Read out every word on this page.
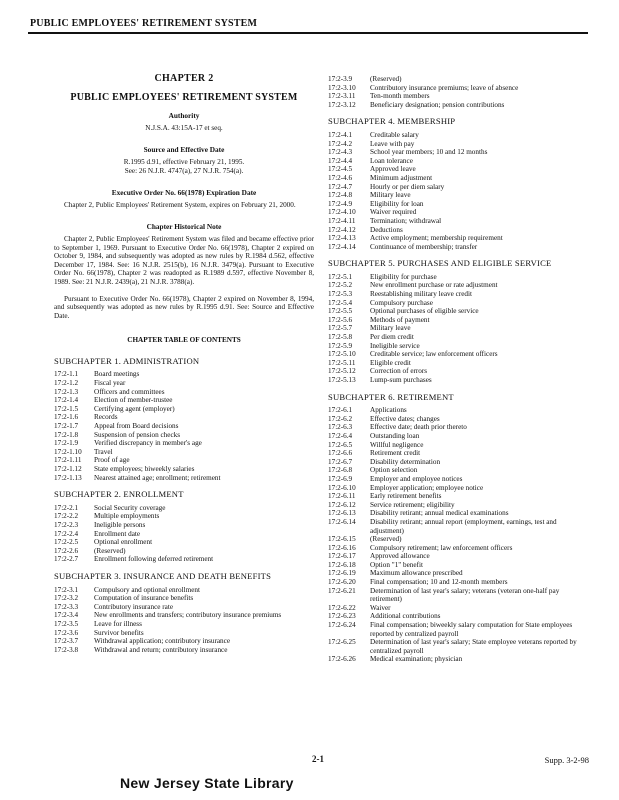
PUBLIC EMPLOYEES' RETIREMENT SYSTEM
CHAPTER 2
PUBLIC EMPLOYEES' RETIREMENT SYSTEM
Authority
N.J.S.A. 43:15A-17 et seq.
Source and Effective Date
R.1995 d.91, effective February 21, 1995.
See: 26 N.J.R. 4747(a), 27 N.J.R. 754(a).
Executive Order No. 66(1978) Expiration Date
Chapter 2, Public Employees' Retirement System, expires on February 21, 2000.
Chapter Historical Note
Chapter 2, Public Employees' Retirement System was filed and became effective prior to September 1, 1969. Pursuant to Executive Order No. 66(1978), Chapter 2 expired on October 9, 1984, and subsequently was adopted as new rules by R.1984 d.562, effective December 17, 1984. See: 16 N.J.R. 2515(b), 16 N.J.R. 3479(a). Pursuant to Executive Order No. 66(1978), Chapter 2 was readopted as R.1989 d.597, effective November 8, 1989. See: 21 N.J.R. 2439(a), 21 N.J.R. 3788(a).
Pursuant to Executive Order No. 66(1978), Chapter 2 expired on November 8, 1994, and subsequently was adopted as new rules by R.1995 d.91. See: Source and Effective Date.
CHAPTER TABLE OF CONTENTS
SUBCHAPTER 1. ADMINISTRATION
17:2-1.1	Board meetings
17:2-1.2	Fiscal year
17:2-1.3	Officers and committees
17:2-1.4	Election of member-trustee
17:2-1.5	Certifying agent (employer)
17:2-1.6	Records
17:2-1.7	Appeal from Board decisions
17:2-1.8	Suspension of pension checks
17:2-1.9	Verified discrepancy in member's age
17:2-1.10	Travel
17:2-1.11	Proof of age
17:2-1.12	State employees; biweekly salaries
17:2-1.13	Nearest attained age; enrollment; retirement
SUBCHAPTER 2. ENROLLMENT
17:2-2.1	Social Security coverage
17:2-2.2	Multiple employments
17:2-2.3	Ineligible persons
17:2-2.4	Enrollment date
17:2-2.5	Optional enrollment
17:2-2.6	(Reserved)
17:2-2.7	Enrollment following deferred retirement
SUBCHAPTER 3. INSURANCE AND DEATH BENEFITS
17:2-3.1	Compulsory and optional enrollment
17:2-3.2	Computation of insurance benefits
17:2-3.3	Contributory insurance rate
17:2-3.4	New enrollments and transfers; contributory insurance premiums
17:2-3.5	Leave for illness
17:2-3.6	Survivor benefits
17:2-3.7	Withdrawal application; contributory insurance
17:2-3.8	Withdrawal and return; contributory insurance
17:2-3.9	(Reserved)
17:2-3.10	Contributory insurance premiums; leave of absence
17:2-3.11	Ten-month members
17:2-3.12	Beneficiary designation; pension contributions
SUBCHAPTER 4. MEMBERSHIP
17:2-4.1	Creditable salary
17:2-4.2	Leave with pay
17:2-4.3	School year members; 10 and 12 months
17:2-4.4	Loan tolerance
17:2-4.5	Approved leave
17:2-4.6	Minimum adjustment
17:2-4.7	Hourly or per diem salary
17:2-4.8	Military leave
17:2-4.9	Eligibility for loan
17:2-4.10	Waiver required
17:2-4.11	Termination; withdrawal
17:2-4.12	Deductions
17:2-4.13	Active employment; membership requirement
17:2-4.14	Continuance of membership; transfer
SUBCHAPTER 5. PURCHASES AND ELIGIBLE SERVICE
17:2-5.1	Eligibility for purchase
17:2-5.2	New enrollment purchase or rate adjustment
17:2-5.3	Reestablishing military leave credit
17:2-5.4	Compulsory purchase
17:2-5.5	Optional purchases of eligible service
17:2-5.6	Methods of payment
17:2-5.7	Military leave
17:2-5.8	Per diem credit
17:2-5.9	Ineligible service
17:2-5.10	Creditable service; law enforcement officers
17:2-5.11	Eligible credit
17:2-5.12	Correction of errors
17:2-5.13	Lump-sum purchases
SUBCHAPTER 6. RETIREMENT
17:2-6.1	Applications
17:2-6.2	Effective dates; changes
17:2-6.3	Effective date; death prior thereto
17:2-6.4	Outstanding loan
17:2-6.5	Willful negligence
17:2-6.6	Retirement credit
17:2-6.7	Disability determination
17:2-6.8	Option selection
17:2-6.9	Employer and employee notices
17:2-6.10	Employer application; employee notice
17:2-6.11	Early retirement benefits
17:2-6.12	Service retirement; eligibility
17:2-6.13	Disability retirant; annual medical examinations
17:2-6.14	Disability retirant; annual report (employment, earnings, test and adjustment)
17:2-6.15	(Reserved)
17:2-6.16	Compulsory retirement; law enforcement officers
17:2-6.17	Approved allowance
17:2-6.18	Option "1" benefit
17:2-6.19	Maximum allowance prescribed
17:2-6.20	Final compensation; 10 and 12-month members
17:2-6.21	Determination of last year's salary; veterans (veteran one-half pay retirement)
17:2-6.22	Waiver
17:2-6.23	Additional contributions
17:2-6.24	Final compensation; biweekly salary computation for State employees reported by centralized payroll
17:2-6.25	Determination of last year's salary; State employee veterans reported by centralized payroll
17:2-6.26	Medical examination; physician
2-1	Supp. 3-2-98
New Jersey State Library
